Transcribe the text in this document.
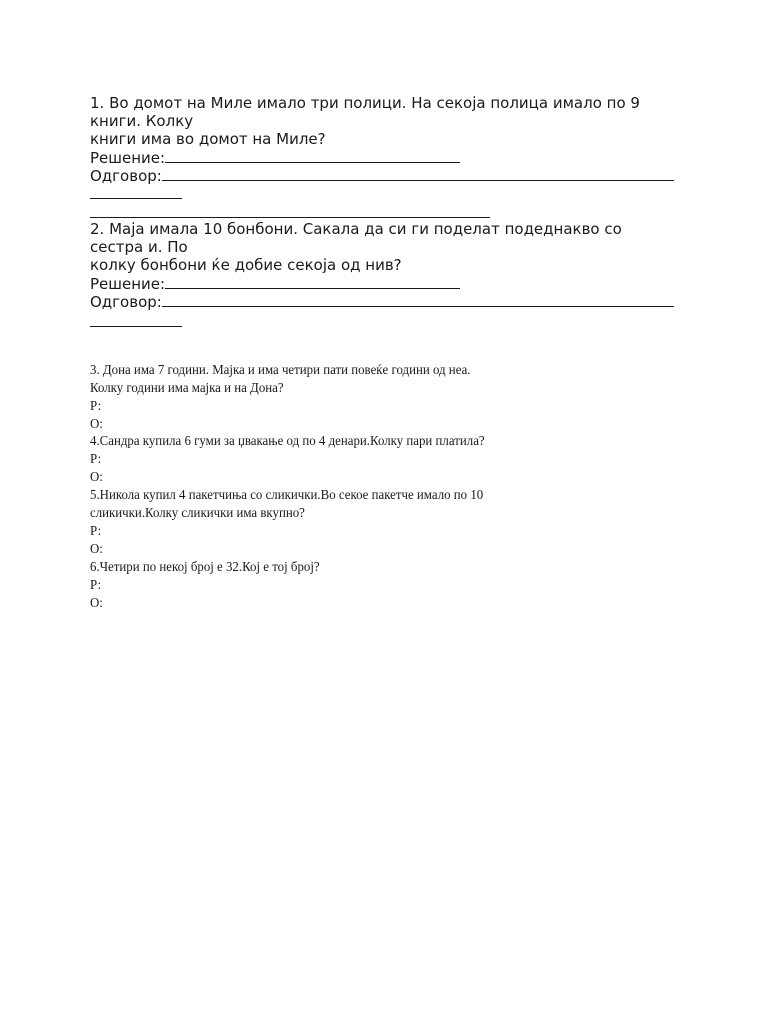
1. Во домот на Миле имало три полици. На секоја полица имало по 9
книги. Колку
книги има во домот на Миле?
Решение:
Одговор:
2. Маја имала 10 бонбони. Сакала да си ги поделат подеднакво со
сестра и. По
колку бонбони ќе добие секоја од нив?
Решение:
Одговор:
3. Дона има 7 години. Мајка и има четири пати повеќе години од неа.
Колку години има мајка и на Дона?
Р:
О:
4.Сандра купила 6 гуми за џвакање од по 4 денари.Колку пари платила?
Р:
О:
5.Никола купил 4 пакетчиња со сликички.Во секое пакетче имало по 10
сликички.Колку сликички има вкупно?
Р:
О:
6.Четири по некој број е 32.Кој е тој број?
Р:
О:
